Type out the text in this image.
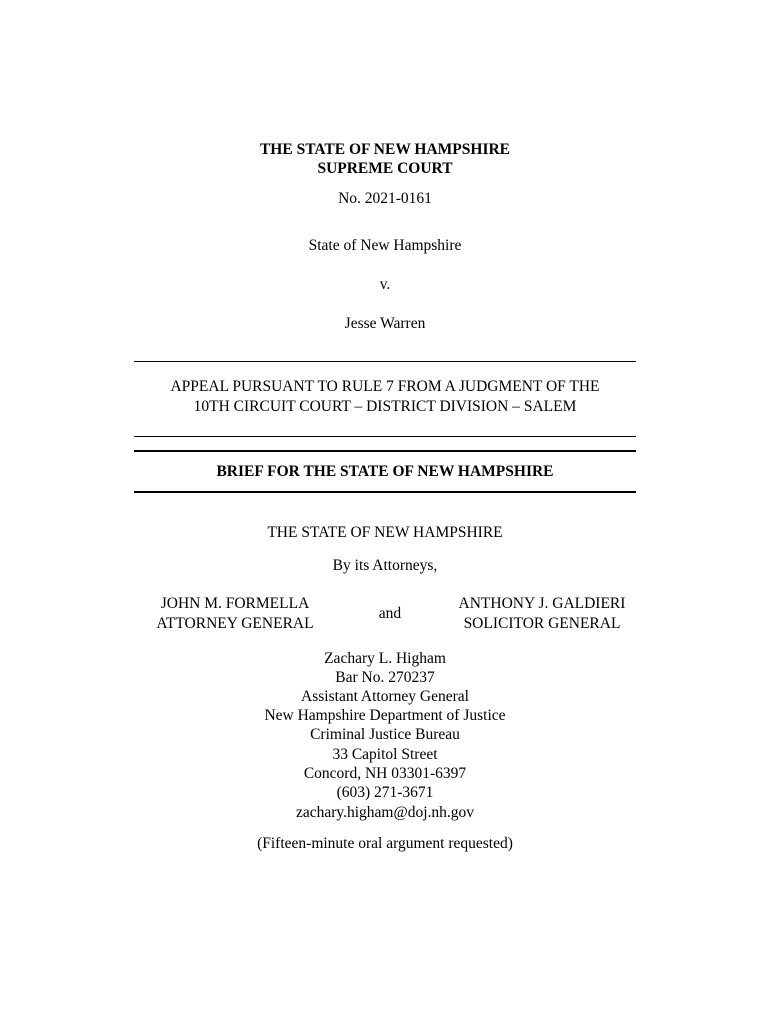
THE STATE OF NEW HAMPSHIRE
SUPREME COURT
No. 2021-0161
State of New Hampshire
v.
Jesse Warren
APPEAL PURSUANT TO RULE 7 FROM A JUDGMENT OF THE
10TH CIRCUIT COURT – DISTRICT DIVISION – SALEM
BRIEF FOR THE STATE OF NEW HAMPSHIRE
THE STATE OF NEW HAMPSHIRE
By its Attorneys,
JOHN M. FORMELLA
ATTORNEY GENERAL
and
ANTHONY J. GALDIERI
SOLICITOR GENERAL
Zachary L. Higham
Bar No. 270237
Assistant Attorney General
New Hampshire Department of Justice
Criminal Justice Bureau
33 Capitol Street
Concord, NH 03301-6397
(603) 271-3671
zachary.higham@doj.nh.gov
(Fifteen-minute oral argument requested)
